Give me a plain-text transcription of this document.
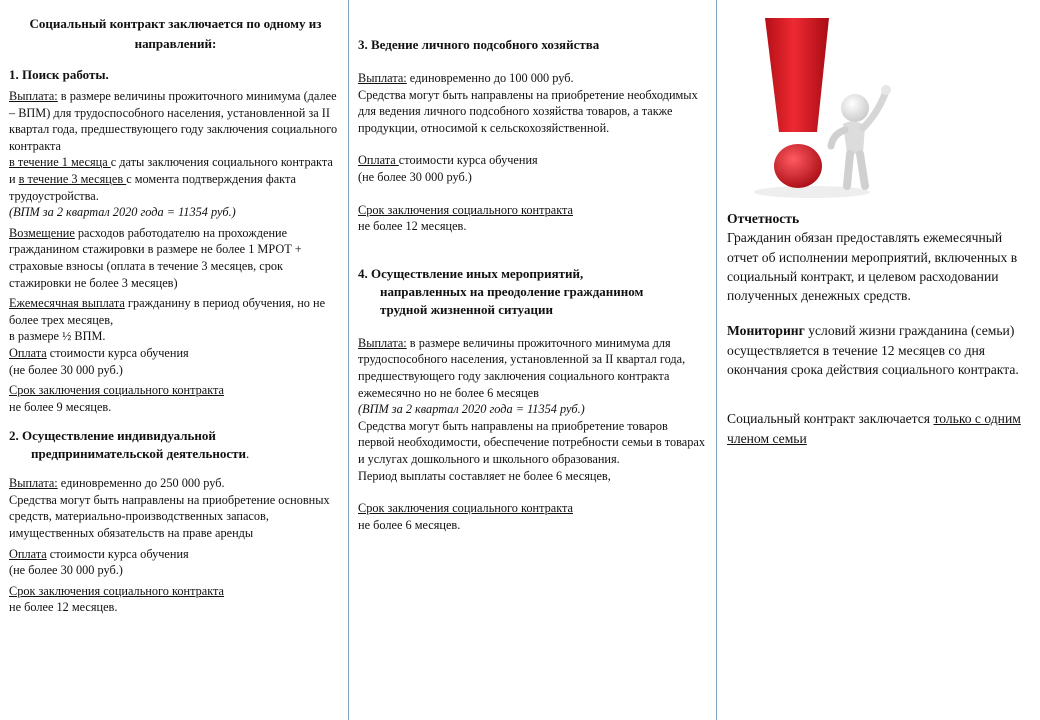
Социальный контракт заключается по одному из направлений:

1. Поиск работы.

Выплата: в размере величины прожиточного минимума (далее – ВПМ) для трудоспособного населения, установленной за II квартал года, предшествующего году заключения социального контракта

в течение 1 месяца с даты заключения социального контракта

и в течение 3 месяцев с момента подтверждения факта трудоустройства.

(ВПМ за 2 квартал 2020 года = 11354 руб.)

Возмещение расходов работодателю на прохождение гражданином стажировки в размере не более 1 МРОТ + страховые взносы (оплата в течение 3 месяцев, срок стажировки не более 3 месяцев)

Ежемесячная выплата гражданину в период обучения, но не более трех месяцев,

в размере ½ ВПМ.

Оплата стоимости курса обучения

(не более 30 000 руб.)

Срок заключения социального контракта

не более 9 месяцев.

2. Осуществление индивидуальной

предпринимательской деятельности.

Выплата: единовременно до 250 000 руб.

Средства могут быть направлены на приобретение основных средств, материально-производственных запасов, имущественных обязательств на праве аренды

Оплата стоимости курса обучения

(не более 30 000 руб.)

Срок заключения социального контракта

не более 12 месяцев.

3. Ведение личного подсобного хозяйства

Выплата: единовременно до 100 000 руб.

Средства могут быть направлены на приобретение необходимых для ведения личного подсобного хозяйства товаров, а также продукции, относимой к сельскохозяйственной.

Оплата стоимости курса обучения

(не более 30 000 руб.)

Срок заключения социального контракта

не более 12 месяцев.

4. Осуществление иных мероприятий,

направленных на преодоление гражданином

трудной жизненной ситуации

Выплата: в размере величины прожиточного минимума для трудоспособного населения, установленной за II квартал года, предшествующего году заключения социального контракта ежемесячно но не более 6 месяцев

(ВПМ за 2 квартал 2020 года = 11354 руб.)

Средства могут быть направлены на приобретение товаров первой необходимости, обеспечение потребности семьи в товарах и услугах дошкольного и школьного образования.

Период выплаты составляет не более 6 месяцев,

Срок заключения социального контракта

не более 6 месяцев.

Отчетность

Гражданин обязан предоставлять ежемесячный отчет об исполнении мероприятий, включенных в социальный контракт, и целевом расходовании полученных денежных средств.

Мониторинг условий жизни гражданина (семьи) осуществляется в течение 12 месяцев со дня окончания срока действия социального контракта.

Социальный контракт заключается только с одним членом семьи
